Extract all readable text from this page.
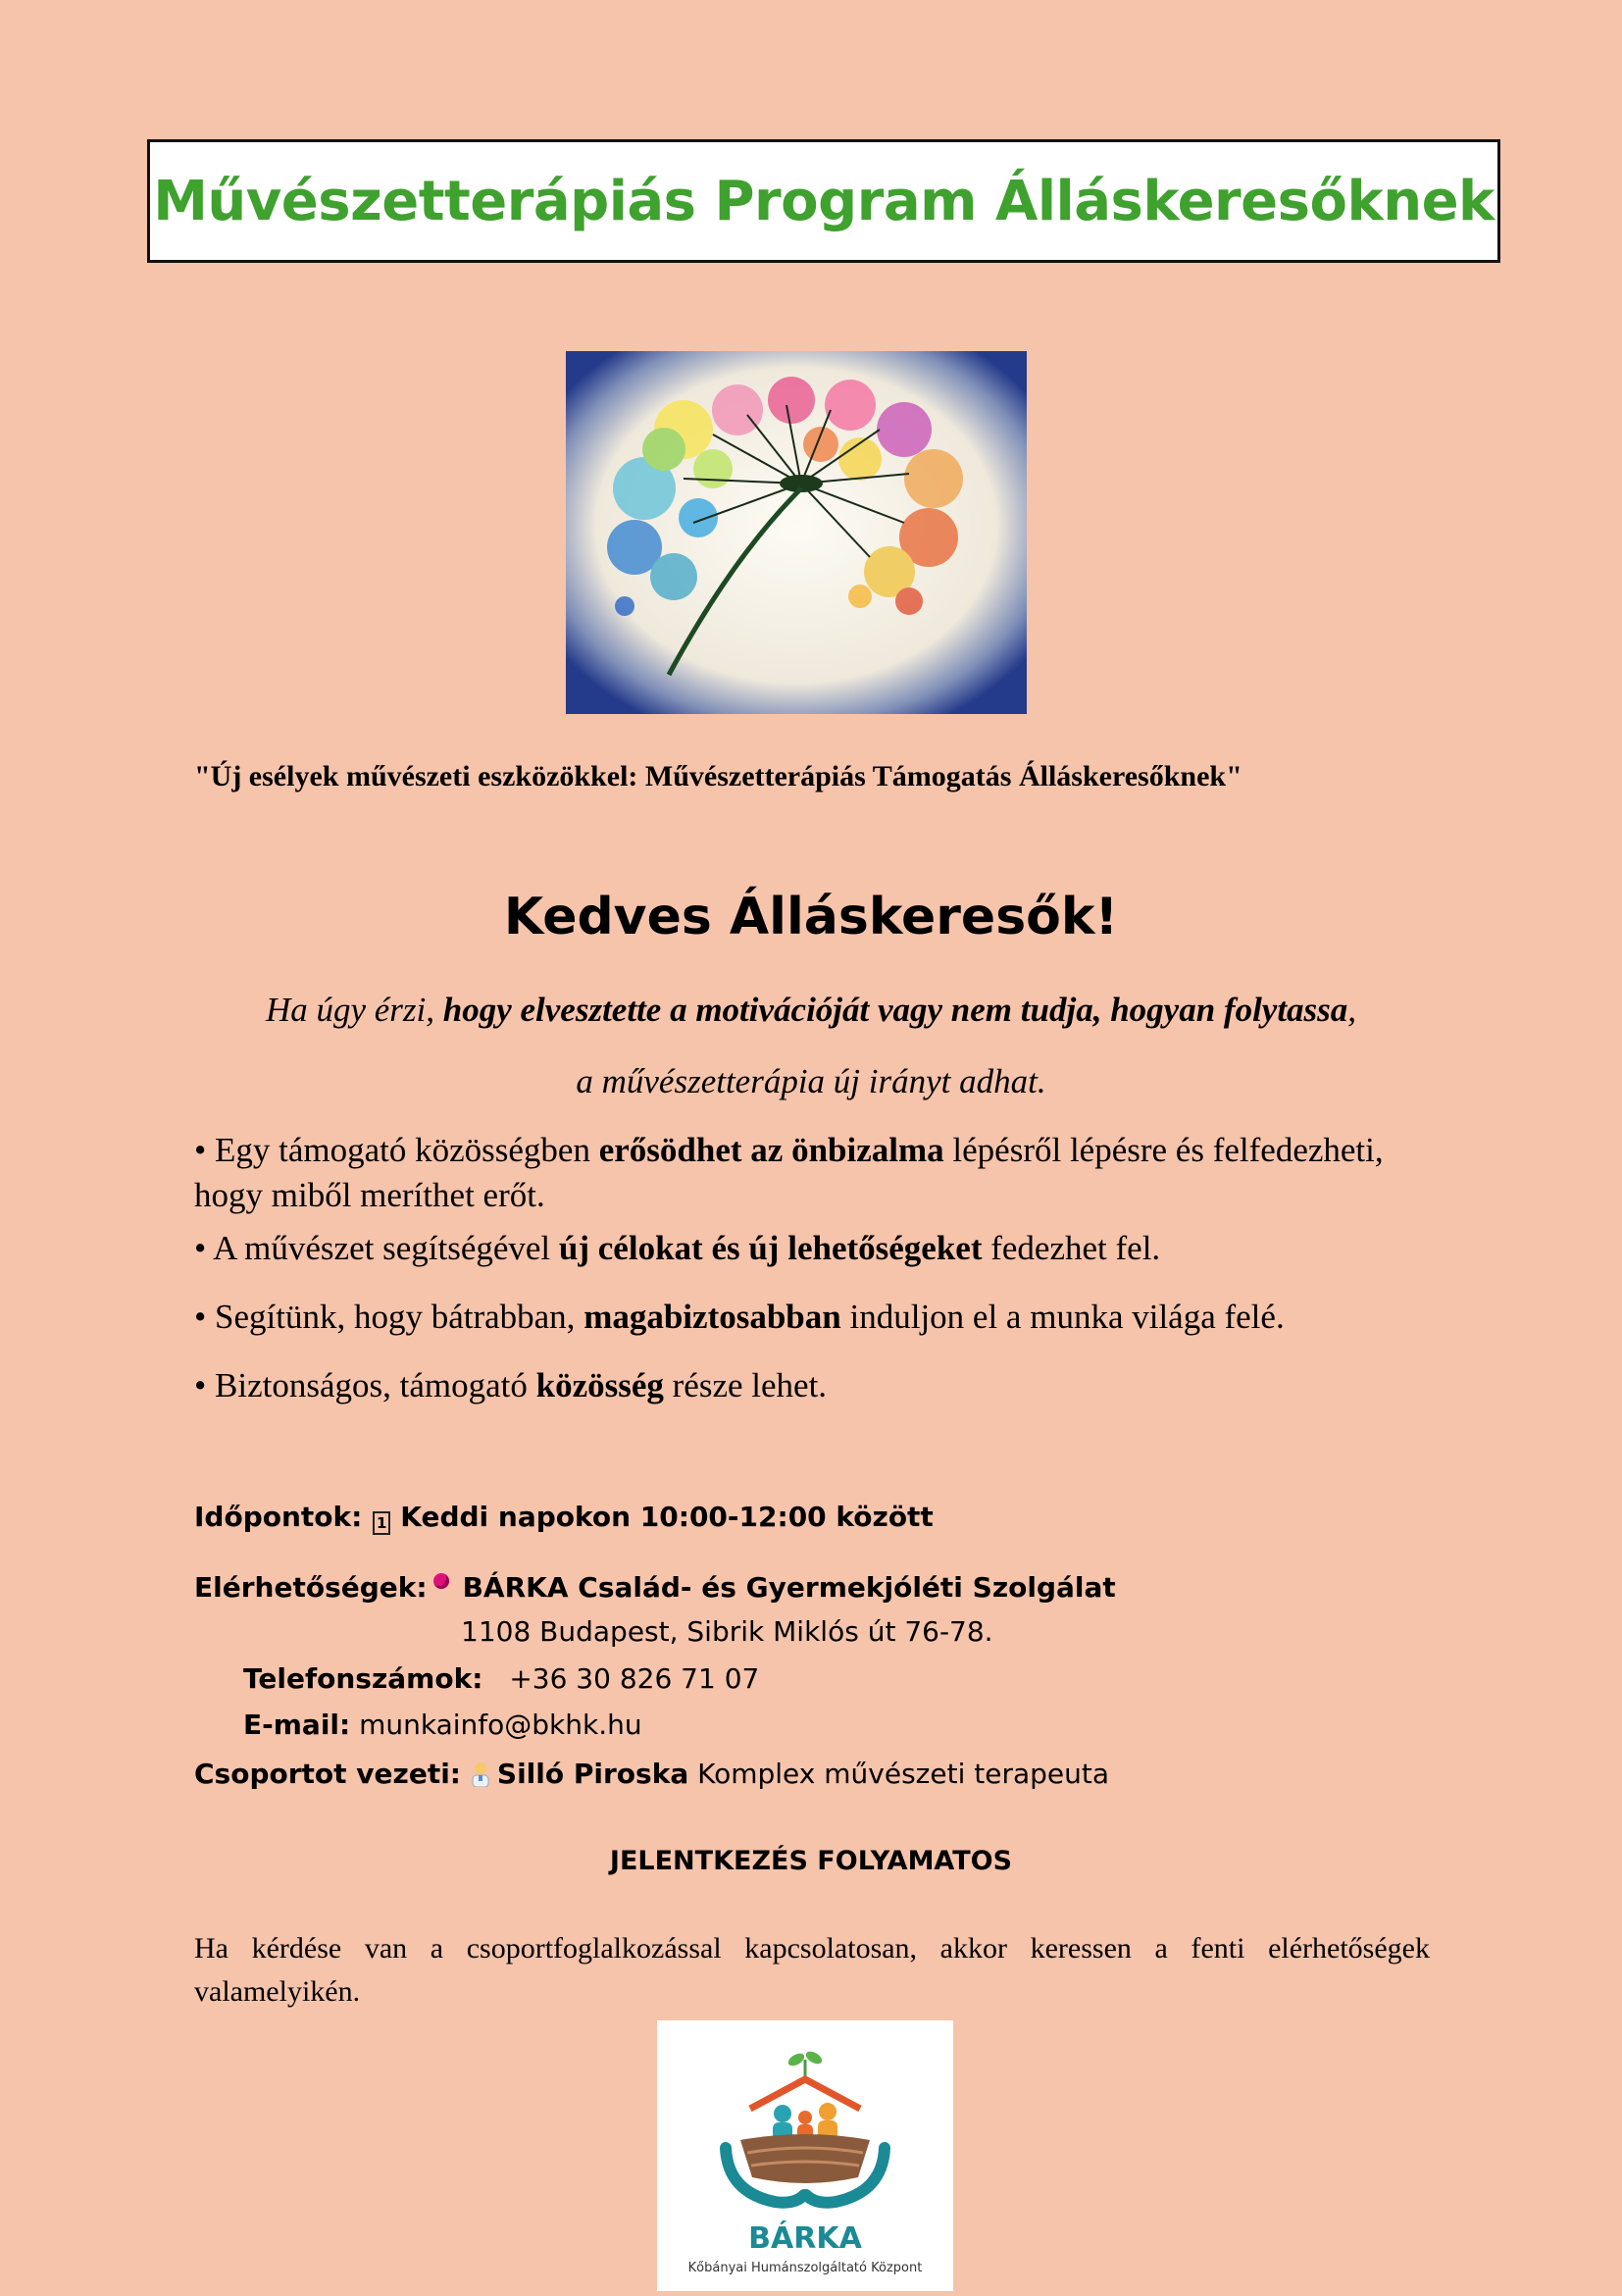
Művészetterápiás Program Álláskeresőknek
"Új esélyek művészeti eszközökkel: Művészetterápiás Támogatás Álláskeresőknek"
Kedves Álláskeresők!
Ha úgy érzi, hogy elvesztette a motivációját vagy nem tudja, hogyan folytassa,
a művészetterápia új irányt adhat.
• Egy támogató közösségben erősödhet az önbizalma lépésről lépésre és felfedezheti, hogy miből meríthet erőt.
• A művészet segítségével új célokat és új lehetőségeket fedezhet fel.
• Segítünk, hogy bátrabban, magabiztosabban induljon el a munka világa felé.
• Biztonságos, támogató közösség része lehet.
Időpontok: 1 Keddi napokon 10:00-12:00 között
Elérhetőségek: BÁRKA Család- és Gyermekjóléti Szolgálat
1108 Budapest, Sibrik Miklós út 76-78.
Telefonszámok: +36 30 826 71 07
E-mail: munkainfo@bkhk.hu
Csoportot vezeti: Silló Piroska Komplex művészeti terapeuta
JELENTKEZÉS FOLYAMATOS
Ha kérdése van a csoportfoglalkozással kapcsolatosan, akkor keressen a fenti elérhetőségek valamelyikén.
BÁRKA
Kőbányai Humánszolgáltató Központ
